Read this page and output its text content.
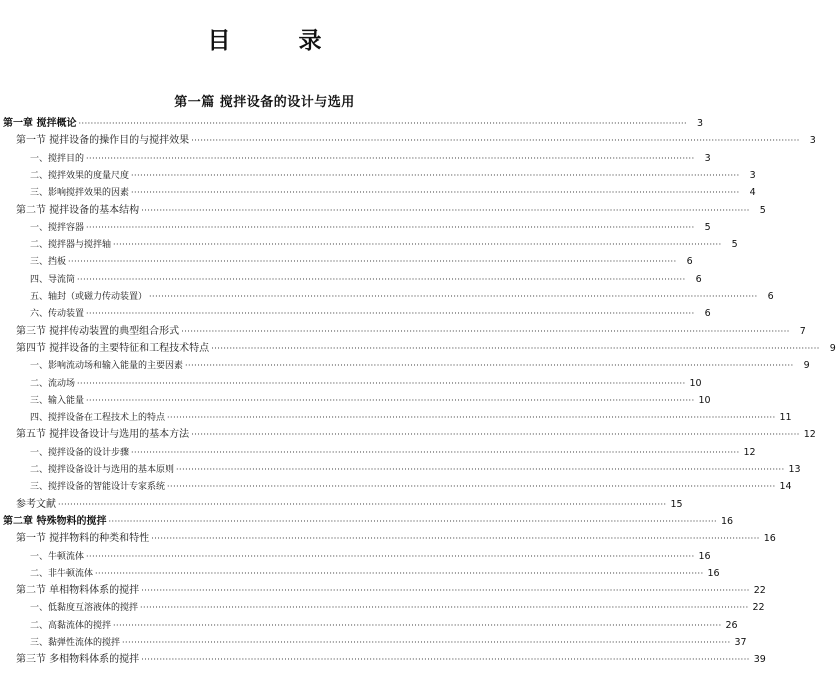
目 录
第一篇 搅拌设备的设计与选用
第一章 搅拌概论 ········································································································································································································	3
第一节 搅拌设备的操作目的与搅拌效果 ········································································································································································································	3
一、搅拌目的 ········································································································································································································	3
二、搅拌效果的度量尺度 ········································································································································································································	3
三、影响搅拌效果的因素 ········································································································································································································	4
第二节 搅拌设备的基本结构 ········································································································································································································	5
一、搅拌容器 ········································································································································································································	5
二、搅拌器与搅拌轴 ········································································································································································································	5
三、挡板 ········································································································································································································	6
四、导流筒 ········································································································································································································	6
五、轴封（或磁力传动装置） ········································································································································································································	6
六、传动装置 ········································································································································································································	6
第三节 搅拌传动装置的典型组合形式 ········································································································································································································	7
第四节 搅拌设备的主要特征和工程技术特点 ········································································································································································································	9
一、影响流动场和输入能量的主要因素 ········································································································································································································	9
二、流动场 ········································································································································································································ 10
三、输入能量 ········································································································································································································ 10
四、搅拌设备在工程技术上的特点 ········································································································································································································ 11
第五节 搅拌设备设计与选用的基本方法 ········································································································································································································ 12
一、搅拌设备的设计步骤 ········································································································································································································ 12
二、搅拌设备设计与选用的基本原则 ········································································································································································································ 13
三、搅拌设备的智能设计专家系统 ········································································································································································································ 14
参考文献 ········································································································································································································ 15
第二章 特殊物料的搅拌 ········································································································································································································ 16
第一节 搅拌物料的种类和特性 ········································································································································································································ 16
一、牛顿流体 ········································································································································································································ 16
二、非牛顿流体 ········································································································································································································ 16
第二节 单相物料体系的搅拌 ········································································································································································································ 22
一、低黏度互溶液体的搅拌 ········································································································································································································ 22
二、高黏流体的搅拌 ········································································································································································································ 26
三、黏弹性流体的搅拌 ········································································································································································································ 37
第三节 多相物料体系的搅拌 ········································································································································································································ 39
